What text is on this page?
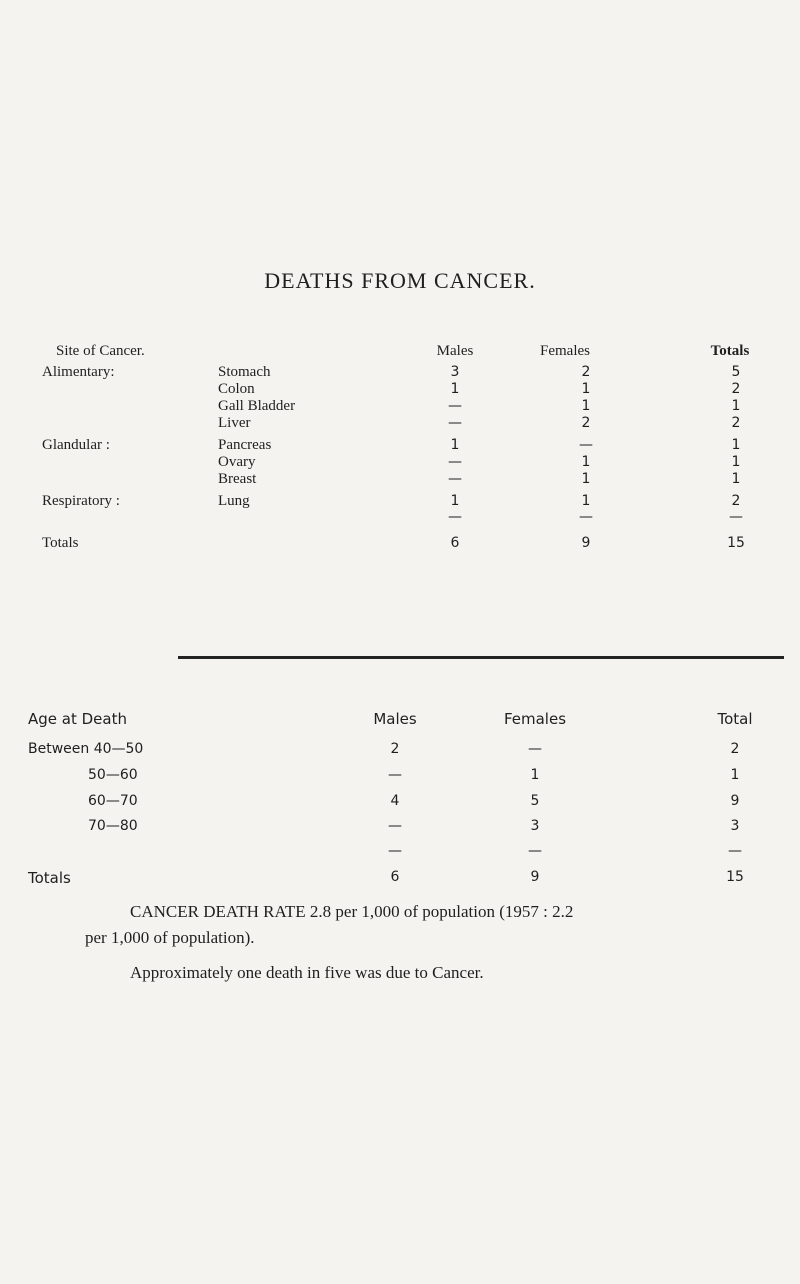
DEATHS FROM CANCER.
Site of Cancer.	Males	Females	Totals
Alimentary:	Stomach	3	2	5
Colon	1	1	2
Gall Bladder	—	1	1
Liver	—	2	2
Glandular :	Pancreas	1	—	1
Ovary	—	1	1
Breast	—	1	1
Respiratory :	Lung	1	1	2
—	—	—
Totals	6	9	15
Age at Death	Males	Females	Total
Between 40—50	2	—	2
50—60	—	1	1
60—70	4	5	9
70—80	—	3	3
—	—	—
Totals	6	9	15
CANCER DEATH RATE 2.8 per 1,000 of population (1957 : 2.2
per 1,000 of population).
Approximately one death in five was due to Cancer.
